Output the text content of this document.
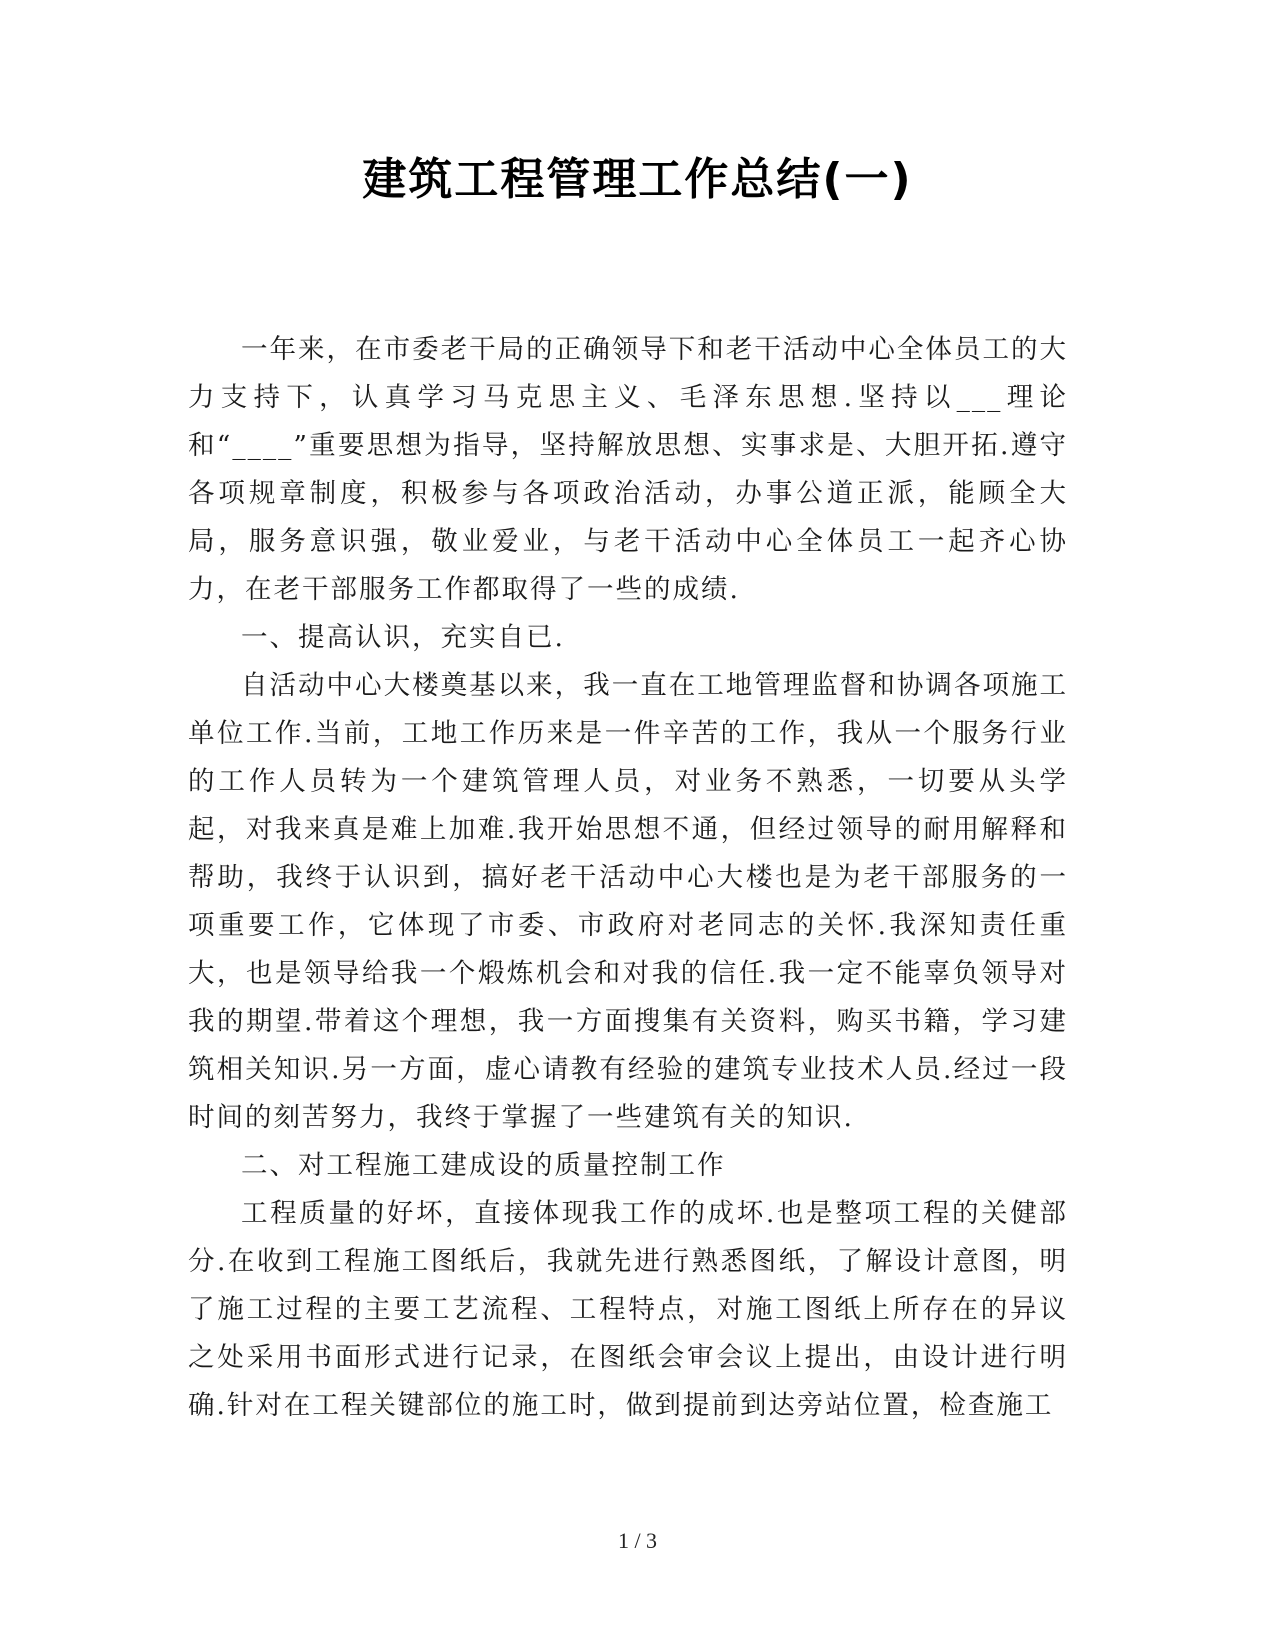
建筑工程管理工作总结(一)

一年来，在市委老干局的正确领导下和老干活动中心全体员工的大力支持下，认真学习马克思主义、毛泽东思想.坚持以___理论和“____”重要思想为指导，坚持解放思想、实事求是、大胆开拓.遵守各项规章制度，积极参与各项政治活动，办事公道正派，能顾全大局，服务意识强，敬业爱业，与老干活动中心全体员工一起齐心协力，在老干部服务工作都取得了一些的成绩.

一、提高认识，充实自已.

自活动中心大楼奠基以来，我一直在工地管理监督和协调各项施工单位工作.当前，工地工作历来是一件辛苦的工作，我从一个服务行业的工作人员转为一个建筑管理人员，对业务不熟悉，一切要从头学起，对我来真是难上加难.我开始思想不通，但经过领导的耐用解释和帮助，我终于认识到，搞好老干活动中心大楼也是为老干部服务的一项重要工作，它体现了市委、市政府对老同志的关怀.我深知责任重大，也是领导给我一个煅炼机会和对我的信任.我一定不能辜负领导对我的期望.带着这个理想，我一方面搜集有关资料，购买书籍，学习建筑相关知识.另一方面，虚心请教有经验的建筑专业技术人员.经过一段时间的刻苦努力，我终于掌握了一些建筑有关的知识.

二、对工程施工建成设的质量控制工作

工程质量的好坏，直接体现我工作的成坏.也是整项工程的关健部分.在收到工程施工图纸后，我就先进行熟悉图纸，了解设计意图，明了施工过程的主要工艺流程、工程特点，对施工图纸上所存在的异议之处采用书面形式进行记录，在图纸会审会议上提出，由设计进行明确.针对在工程关键部位的施工时，做到提前到达旁站位置，检查施工

1 / 3
